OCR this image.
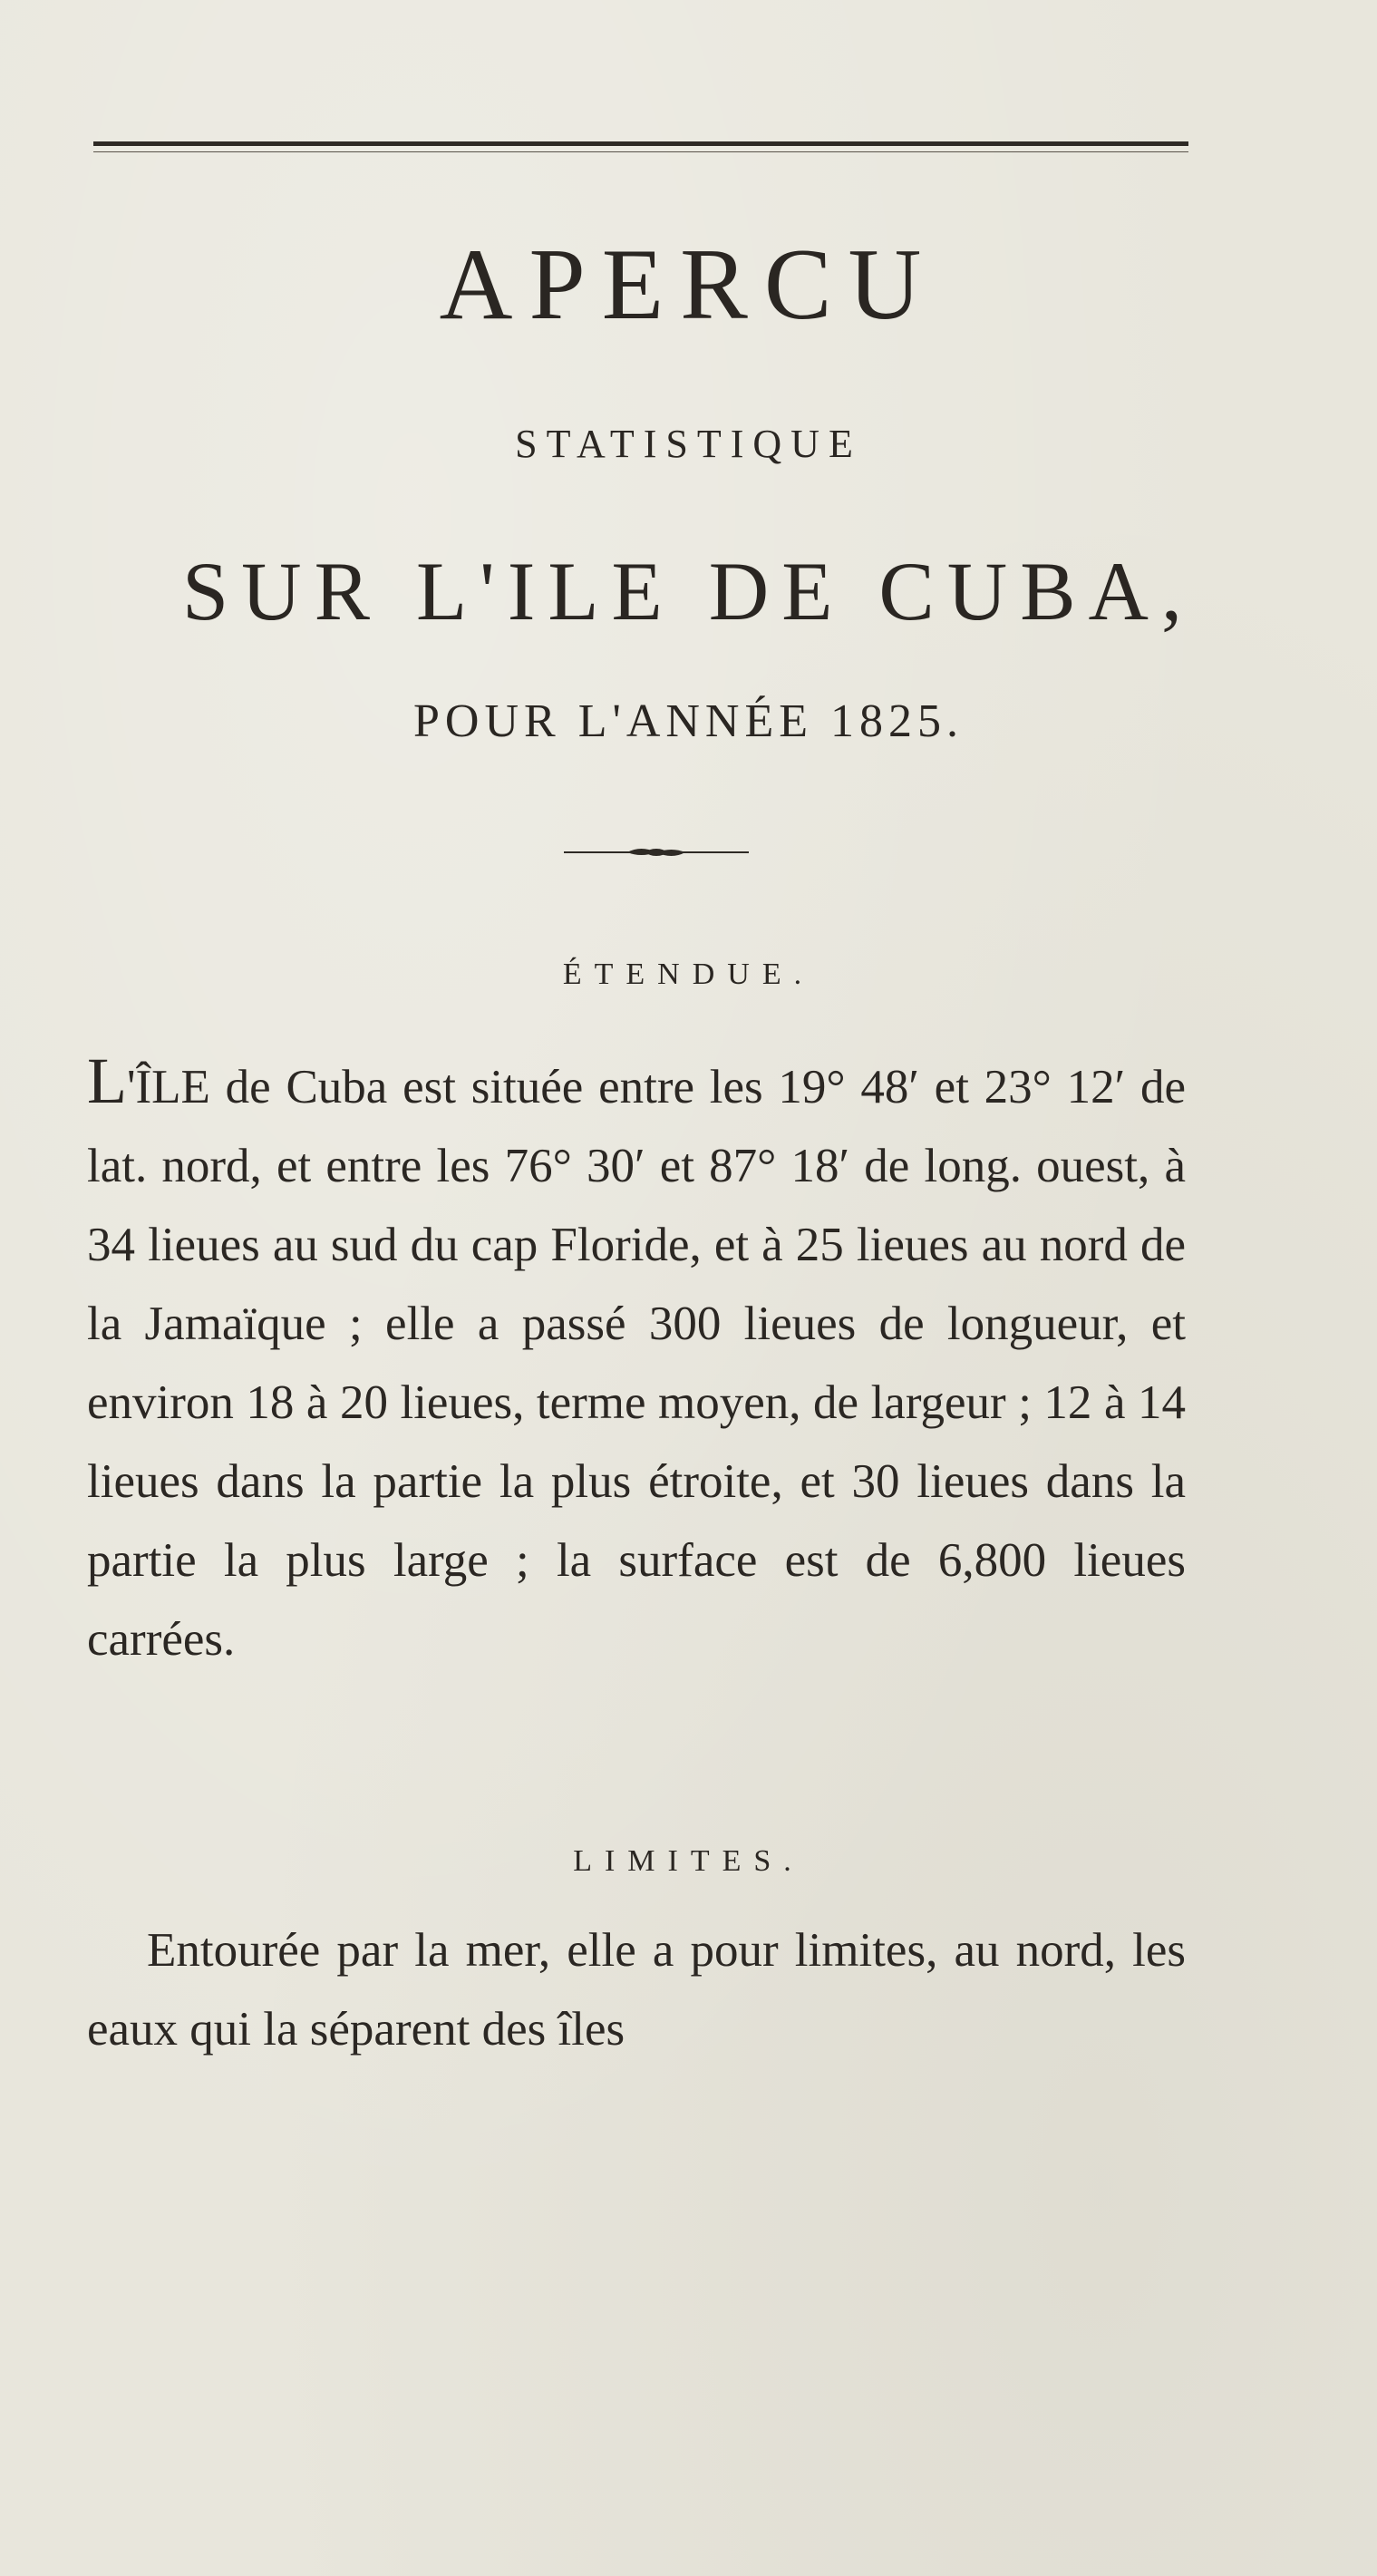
APERCU
STATISTIQUE
SUR L'ILE DE CUBA,
POUR L'ANNÉE 1825.
ÉTENDUE.

L'ÎLE de Cuba est située entre les 19° 48′ et 23° 12′ de lat. nord, et entre les 76° 30′ et 87° 18′ de long. ouest, à 34 lieues au sud du cap Floride, et à 25 lieues au nord de la Jamaïque ; elle a passé 300 lieues de longueur, et environ 18 à 20 lieues, terme moyen, de largeur ; 12 à 14 lieues dans la partie la plus étroite, et 30 lieues dans la partie la plus large ; la surface est de 6,800 lieues carrées.

LIMITES.

Entourée par la mer, elle a pour limites, au nord, les eaux qui la séparent des îles
